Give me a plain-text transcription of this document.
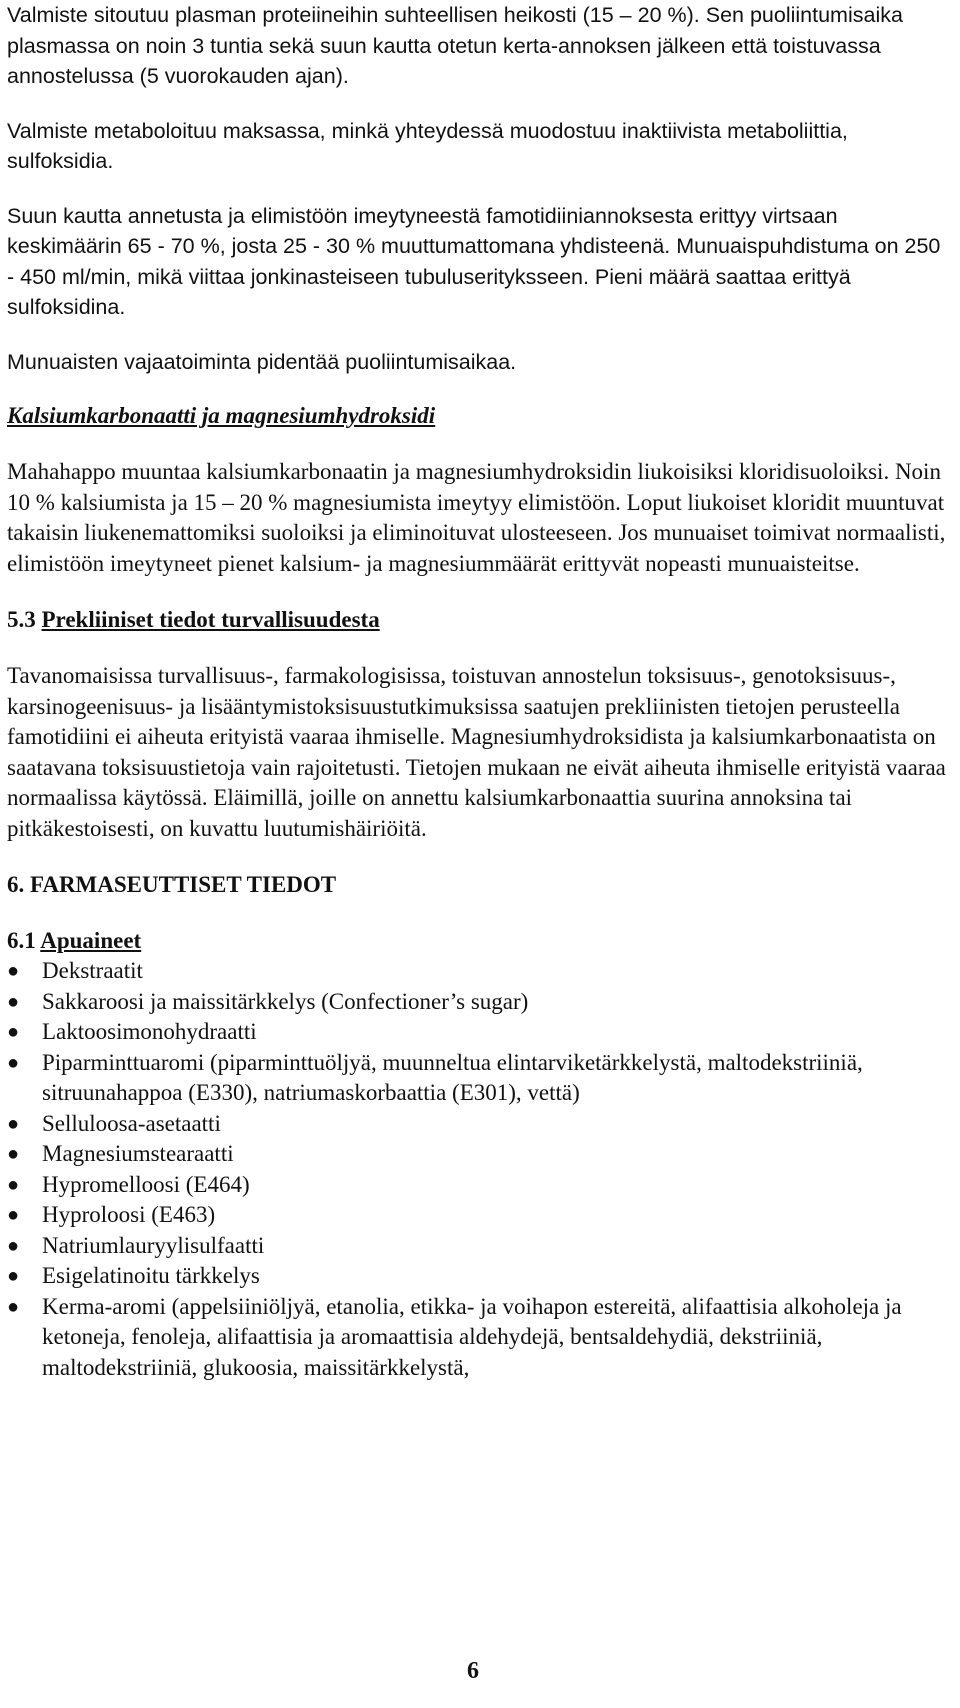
Valmiste sitoutuu plasman proteiineihin suhteellisen heikosti (15 – 20 %). Sen puoliintumisaika plasmassa on noin 3 tuntia sekä suun kautta otetun kerta-annoksen jälkeen että toistuvassa annostelussa (5 vuorokauden ajan).

Valmiste metaboloituu maksassa, minkä yhteydessä muodostuu inaktiivista metaboliittia, sulfoksidia.

Suun kautta annetusta ja elimistöön imeytyneestä famotidiiniannoksesta erittyy virtsaan keskimäärin 65 - 70 %, josta 25 - 30 % muuttumattomana yhdisteenä. Munuaispuhdistuma on 250 - 450 ml/min, mikä viittaa jonkinasteiseen tubuluserityksseen. Pieni määrä saattaa erittyä sulfoksidina.

Munuaisten vajaatoiminta pidentää puoliintumisaikaa.

Kalsiumkarbonaatti ja magnesiumhydroksidi

Mahahappo muuntaa kalsiumkarbonaatin ja magnesiumhydroksidin liukoisiksi kloridisuoloiksi. Noin 10 % kalsiumista ja 15 – 20 % magnesiumista imeytyy elimistöön. Loput liukoiset kloridit muuntuvat takaisin liukenemattomiksi suoloiksi ja eliminoituvat ulosteeseen. Jos munuaiset toimivat normaalisti, elimistöön imeytyneet pienet kalsium- ja magnesiummäärät erittyvät nopeasti munuaisteitse.

5.3 Prekliiniset tiedot turvallisuudesta

Tavanomaisissa turvallisuus-, farmakologisissa, toistuvan annostelun toksisuus-, genotoksisuus-, karsinogeenisuus- ja lisääntymistoksisuustutkimuksissa saatujen prekliinisten tietojen perusteella famotidiini ei aiheuta erityistä vaaraa ihmiselle. Magnesiumhydroksidista ja kalsiumkarbonaatista on saatavana toksisuustietoja vain rajoitetusti. Tietojen mukaan ne eivät aiheuta ihmiselle erityistä vaaraa normaalissa käytössä. Eläimillä, joille on annettu kalsiumkarbonaattia suurina annoksina tai pitkäkestoisesti, on kuvattu luutumishäiriöitä.

6. FARMASEUTTISET TIEDOT

6.1 Apuaineet

● Dekstraatit
● Sakkaroosi ja maissitärkkelys (Confectioner’s sugar)
● Laktoosimonohydraatti
● Piparminttuaromi (piparminttuöljyä, muunneltua elintarviketärkkelystä, maltodekstriiniä, sitruunahappoa (E330), natriumaskorbaattia (E301), vettä)
● Selluloosa-asetaatti
● Magnesiumstearaatti
● Hypromelloosi (E464)
● Hyproloosi (E463)
● Natriumlauryylisulfaatti
● Esigelatinoitu tärkkelys
● Kerma-aromi (appelsiiniöljyä, etanolia, etikka- ja voihapon estereitä, alifaattisia alkoholeja ja ketoneja, fenoleja, alifaattisia ja aromaattisia aldehydejä, bentsaldehydiä, dekstriiniä, maltodekstriiniä, glukoosia, maissitärkkelystä,
6
